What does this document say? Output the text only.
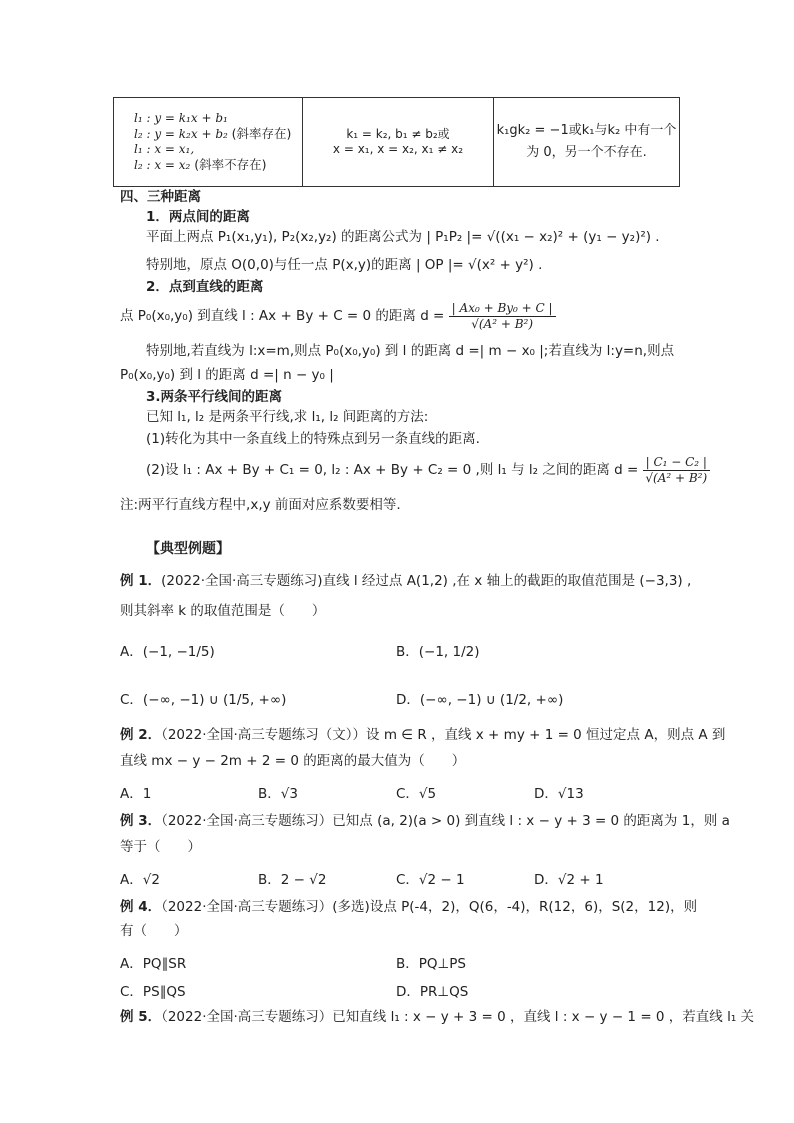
l₁ : y = k₁x + b₁
l₂ : y = k₂x + b₂ (斜率存在)
l₁ : x = x₁,
l₂ : x = x₂ (斜率不存在)

k₁ = k₂, b₁ ≠ b₂或
x = x₁, x = x₂, x₁ ≠ x₂

k₁gk₂ = −1或k₁与k₂ 中有一个
为 0，另一个不存在.
四、三种距离
1．两点间的距离
平面上两点 P₁(x₁,y₁), P₂(x₂,y₂) 的距离公式为 | P₁P₂ |= √((x₁ − x₂)² + (y₁ − y₂)²) .
特别地，原点 O(0,0)与任一点 P(x,y)的距离 | OP |= √(x² + y²) .
2．点到直线的距离
点 P₀(x₀,y₀) 到直线 l : Ax + By + C = 0 的距离 $d = \frac{\text{| Ax₀ + By₀ + C |}}{\text{√(A² + B²)}}$
特别地,若直线为 l:x=m,则点 P₀(x₀,y₀) 到 l 的距离 d =| m − x₀ |;若直线为 l:y=n,则点
P₀(x₀,y₀) 到 l 的距离 d =| n − y₀ |
3.两条平行线间的距离
已知 l₁, l₂ 是两条平行线,求 l₁, l₂ 间距离的方法:
(1)转化为其中一条直线上的特殊点到另一条直线的距离.
(2)设 l₁ : Ax + By + C₁ = 0, l₂ : Ax + By + C₂ = 0 ,则 l₁ 与 l₂ 之间的距离 $d = \frac{\text{| C₁ − C₂ |}}{\text{√(A² + B²)}}$
注:两平行直线方程中,x,y 前面对应系数要相等.
【典型例题】
例 1．(2022·全国·高三专题练习)直线 l 经过点 A(1,2) ,在 x 轴上的截距的取值范围是 (−3,3) ,
则其斜率 k 的取值范围是（　　）
A．(−1, −1/5)	B．(−1, 1/2)
C．(−∞, −1) ∪ (1/5, +∞)	D．(−∞, −1) ∪ (1/2, +∞)
例 2．（2022·全国·高三专题练习（文））设 m ∈ R ，直线 x + my + 1 = 0 恒过定点 A，则点 A 到
直线 mx − y − 2m + 2 = 0 的距离的最大值为（　　）
A．1	B．√3	C．√5	D．√13
例 3．（2022·全国·高三专题练习）已知点 (a, 2)(a > 0) 到直线 l : x − y + 3 = 0 的距离为 1，则 a
等于（　　）
A．√2	B．2 − √2	C．√2 − 1	D．√2 + 1
例 4．（2022·全国·高三专题练习）(多选)设点 P(-4，2)，Q(6，-4)，R(12，6)，S(2，12)，则
有（　　）
A．PQ∥SR	B．PQ⊥PS
C．PS∥QS	D．PR⊥QS
例 5．（2022·全国·高三专题练习）已知直线 l₁ : x − y + 3 = 0 ，直线 l : x − y − 1 = 0 ，若直线 l₁ 关
